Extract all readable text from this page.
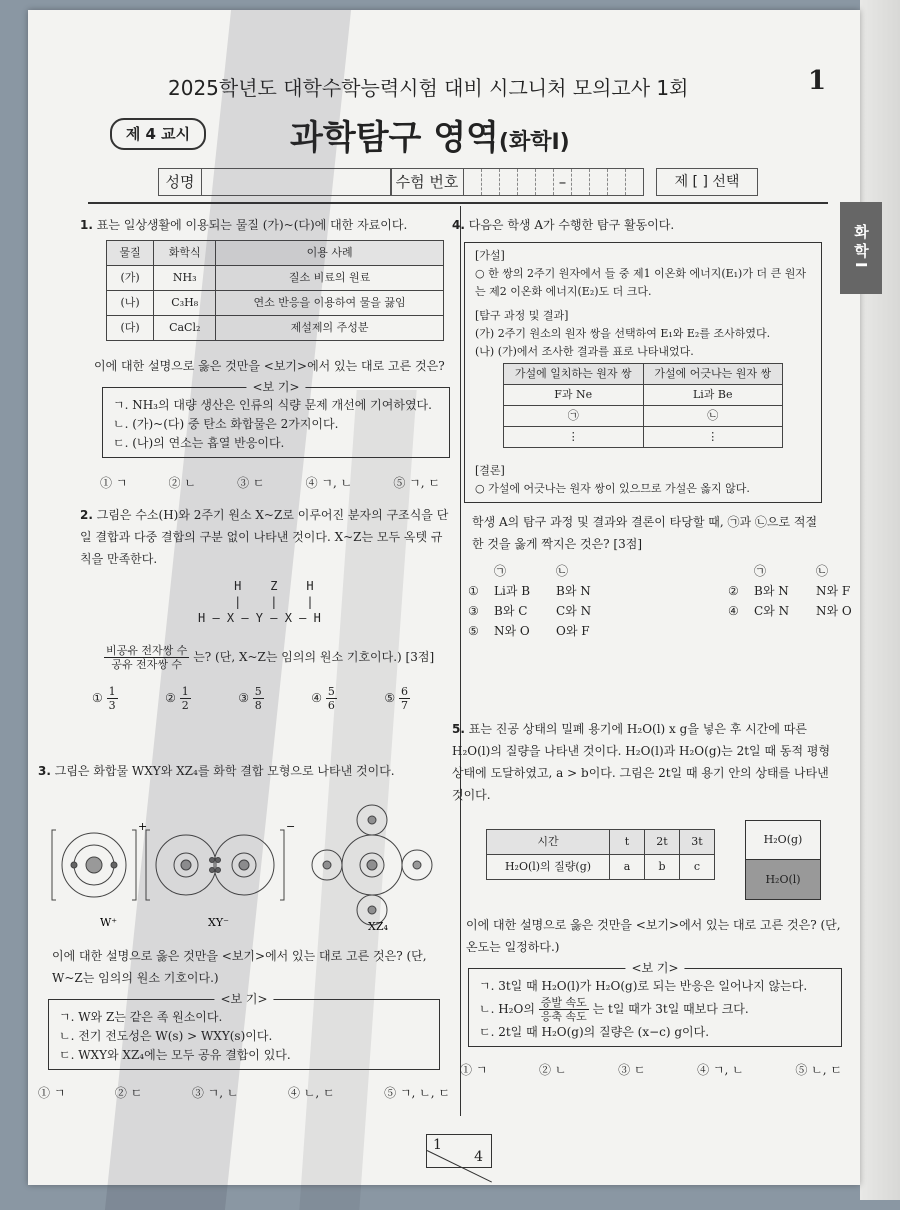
2025학년도 대학수학능력시험 대비 시그니처 모의고사 1회	1
제 4 교시	과학탐구 영역(화학I)
성명	수험 번호	–	제 [ ] 선택
화학I
1. 표는 일상생활에 이용되는 물질 (가)~(다)에 대한 자료이다.
물질	화학식	이용 사례
(가)	NH₃	질소 비료의 원료
(나)	C₃H₈	연소 반응을 이용하여 물을 끓임
(다)	CaCl₂	제설제의 주성분
이에 대한 설명으로 옳은 것만을 <보기>에서 있는 대로 고른 것은?
<보 기>
ㄱ. NH₃의 대량 생산은 인류의 식량 문제 개선에 기여하였다.
ㄴ. (가)~(다) 중 탄소 화합물은 2가지이다.
ㄷ. (나)의 연소는 흡열 반응이다.
① ㄱ	② ㄴ	③ ㄷ	④ ㄱ, ㄴ	⑤ ㄱ, ㄷ
2. 그림은 수소(H)와 2주기 원소 X~Z로 이루어진 분자의 구조식을 단일 결합과 다중 결합의 구분 없이 나타낸 것이다. X~Z는 모두 옥텟 규칙을 만족한다.
H    Z    H
|    |    |
H — X — Y — X — H
$\frac{\text{비공유 전자쌍 수}}{\text{공유 전자쌍 수}}$ 는? (단, X~Z는 임의의 원소 기호이다.) [3점]
① $\frac{1}{3}$	② $\frac{1}{2}$	③ $\frac{5}{8}$	④ $\frac{5}{6}$	⑤ $\frac{6}{7}$
3. 그림은 화합물 WXY와 XZ₄를 화학 결합 모형으로 나타낸 것이다.
+	−
W⁺	XY⁻	XZ₄
이에 대한 설명으로 옳은 것만을 <보기>에서 있는 대로 고른 것은? (단, W~Z는 임의의 원소 기호이다.)
<보 기>
ㄱ. W와 Z는 같은 족 원소이다.
ㄴ. 전기 전도성은 W(s) > WXY(s)이다.
ㄷ. WXY와 XZ₄에는 모두 공유 결합이 있다.
① ㄱ	② ㄷ	③ ㄱ, ㄴ	④ ㄴ, ㄷ	⑤ ㄱ, ㄴ, ㄷ
4. 다음은 학생 A가 수행한 탐구 활동이다.
[가설]
○ 한 쌍의 2주기 원자에서 들 중 제1 이온화 에너지(E₁)가 더 큰 원자는 제2 이온화 에너지(E₂)도 더 크다.
[탐구 과정 및 결과]
(가) 2주기 원소의 원자 쌍을 선택하여 E₁와 E₂를 조사하였다.
(나) (가)에서 조사한 결과를 표로 나타내었다.
가설에 일치하는 원자 쌍	가설에 어긋나는 원자 쌍
F과 Ne	Li과 Be
㉠	㉡
⋮	⋮
[결론]
○ 가설에 어긋나는 원자 쌍이 있으므로 가설은 옳지 않다.
학생 A의 탐구 과정 및 결과와 결론이 타당할 때, ㉠과 ㉡으로 적절한 것을 옳게 짝지은 것은? [3점]
㉠	㉡	㉠	㉡
①	Li과 B	B와 N	②	B와 N	N와 F
③	B와 C	C와 N	④	C와 N	N와 O
⑤	N와 O	O와 F
5. 표는 진공 상태의 밀폐 용기에 H₂O(l) x g을 넣은 후 시간에 따른 H₂O(l)의 질량을 나타낸 것이다. H₂O(l)과 H₂O(g)는 2t일 때 동적 평형 상태에 도달하였고, a > b이다. 그림은 2t일 때 용기 안의 상태를 나타낸 것이다.
시간	t	2t	3t
H₂O(l)의 질량(g)	a	b	c
H₂O(g)
H₂O(l)
이에 대한 설명으로 옳은 것만을 <보기>에서 있는 대로 고른 것은? (단, 온도는 일정하다.)
<보 기>
ㄱ. 3t일 때 H₂O(l)가 H₂O(g)로 되는 반응은 일어나지 않는다.
ㄴ. H₂O의 $\frac{\text{증발 속도}}{\text{응축 속도}}$ 는 t일 때가 3t일 때보다 크다.
ㄷ. 2t일 때 H₂O(g)의 질량은 (x−c) g이다.
① ㄱ	② ㄴ	③ ㄷ	④ ㄱ, ㄴ	⑤ ㄴ, ㄷ
1
4
